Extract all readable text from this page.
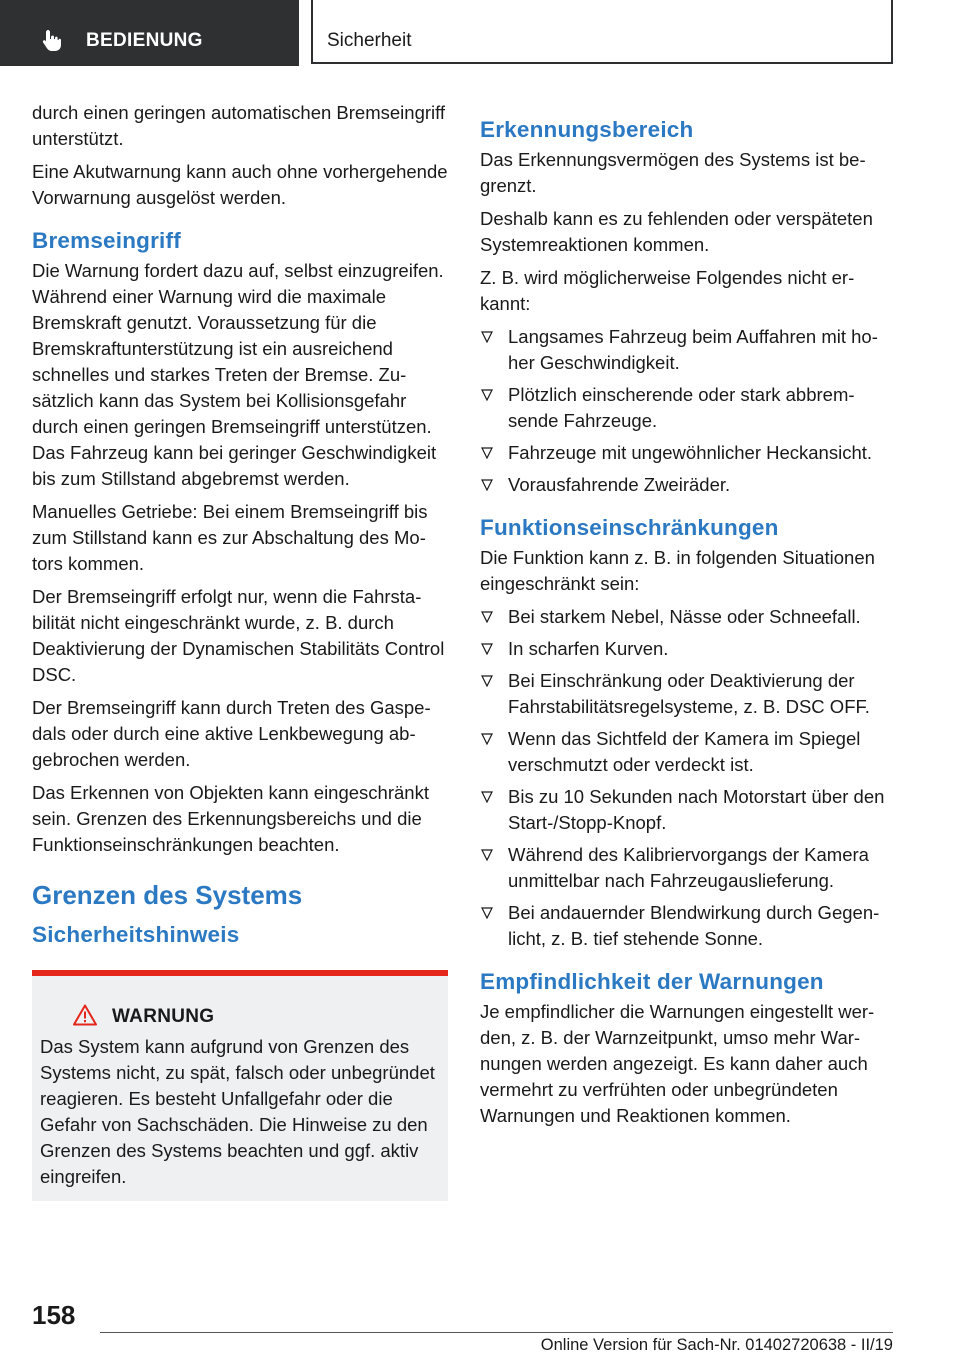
BEDIENUNG	Sicherheit

durch einen geringen automatischen Bremseingriff unterstützt.

Eine Akutwarnung kann auch ohne vorhergehende Vorwarnung ausgelöst werden.

Bremseingriff

Die Warnung fordert dazu auf, selbst einzugreifen. Während einer Warnung wird die maximale Bremskraft genutzt. Voraussetzung für die Bremskraftunterstützung ist ein ausreichend schnelles und starkes Treten der Bremse. Zusätzlich kann das System bei Kollisionsgefahr durch einen geringen Bremseingriff unterstützen. Das Fahrzeug kann bei geringer Geschwindigkeit bis zum Stillstand abgebremst werden.

Manuelles Getriebe: Bei einem Bremseingriff bis zum Stillstand kann es zur Abschaltung des Motors kommen.

Der Bremseingriff erfolgt nur, wenn die Fahrstabilität nicht eingeschränkt wurde, z. B. durch Deaktivierung der Dynamischen Stabilitäts Control DSC.

Der Bremseingriff kann durch Treten des Gaspedals oder durch eine aktive Lenkbewegung abgebrochen werden.

Das Erkennen von Objekten kann eingeschränkt sein. Grenzen des Erkennungsbereichs und die Funktionseinschränkungen beachten.

Grenzen des Systems
Sicherheitshinweis
WARNUNG
Das System kann aufgrund von Grenzen des Systems nicht, zu spät, falsch oder unbegründet reagieren. Es besteht Unfallgefahr oder die Gefahr von Sachschäden. Die Hinweise zu den Grenzen des Systems beachten und ggf. aktiv eingreifen.
Erkennungsbereich

Das Erkennungsvermögen des Systems ist begrenzt.

Deshalb kann es zu fehlenden oder verspäteten Systemreaktionen kommen.

Z. B. wird möglicherweise Folgendes nicht erkannt:

Langsames Fahrzeug beim Auffahren mit hoher Geschwindigkeit.
Plötzlich einscherende oder stark abbremsende Fahrzeuge.
Fahrzeuge mit ungewöhnlicher Heckansicht.
Vorausfahrende Zweiräder.
Funktionseinschränkungen

Die Funktion kann z. B. in folgenden Situationen eingeschränkt sein:

Bei starkem Nebel, Nässe oder Schneefall.
In scharfen Kurven.
Bei Einschränkung oder Deaktivierung der Fahrstabilitätsregelsysteme, z. B. DSC OFF.
Wenn das Sichtfeld der Kamera im Spiegel verschmutzt oder verdeckt ist.
Bis zu 10 Sekunden nach Motorstart über den Start-/Stopp-Knopf.
Während des Kalibriervorgangs der Kamera unmittelbar nach Fahrzeugauslieferung.
Bei andauernder Blendwirkung durch Gegenlicht, z. B. tief stehende Sonne.
Empfindlichkeit der Warnungen

Je empfindlicher die Warnungen eingestellt werden, z. B. der Warnzeitpunkt, umso mehr Warnungen werden angezeigt. Es kann daher auch vermehrt zu verfrühten oder unbegründeten Warnungen und Reaktionen kommen.

158
Online Version für Sach-Nr. 01402720638 - II/19
